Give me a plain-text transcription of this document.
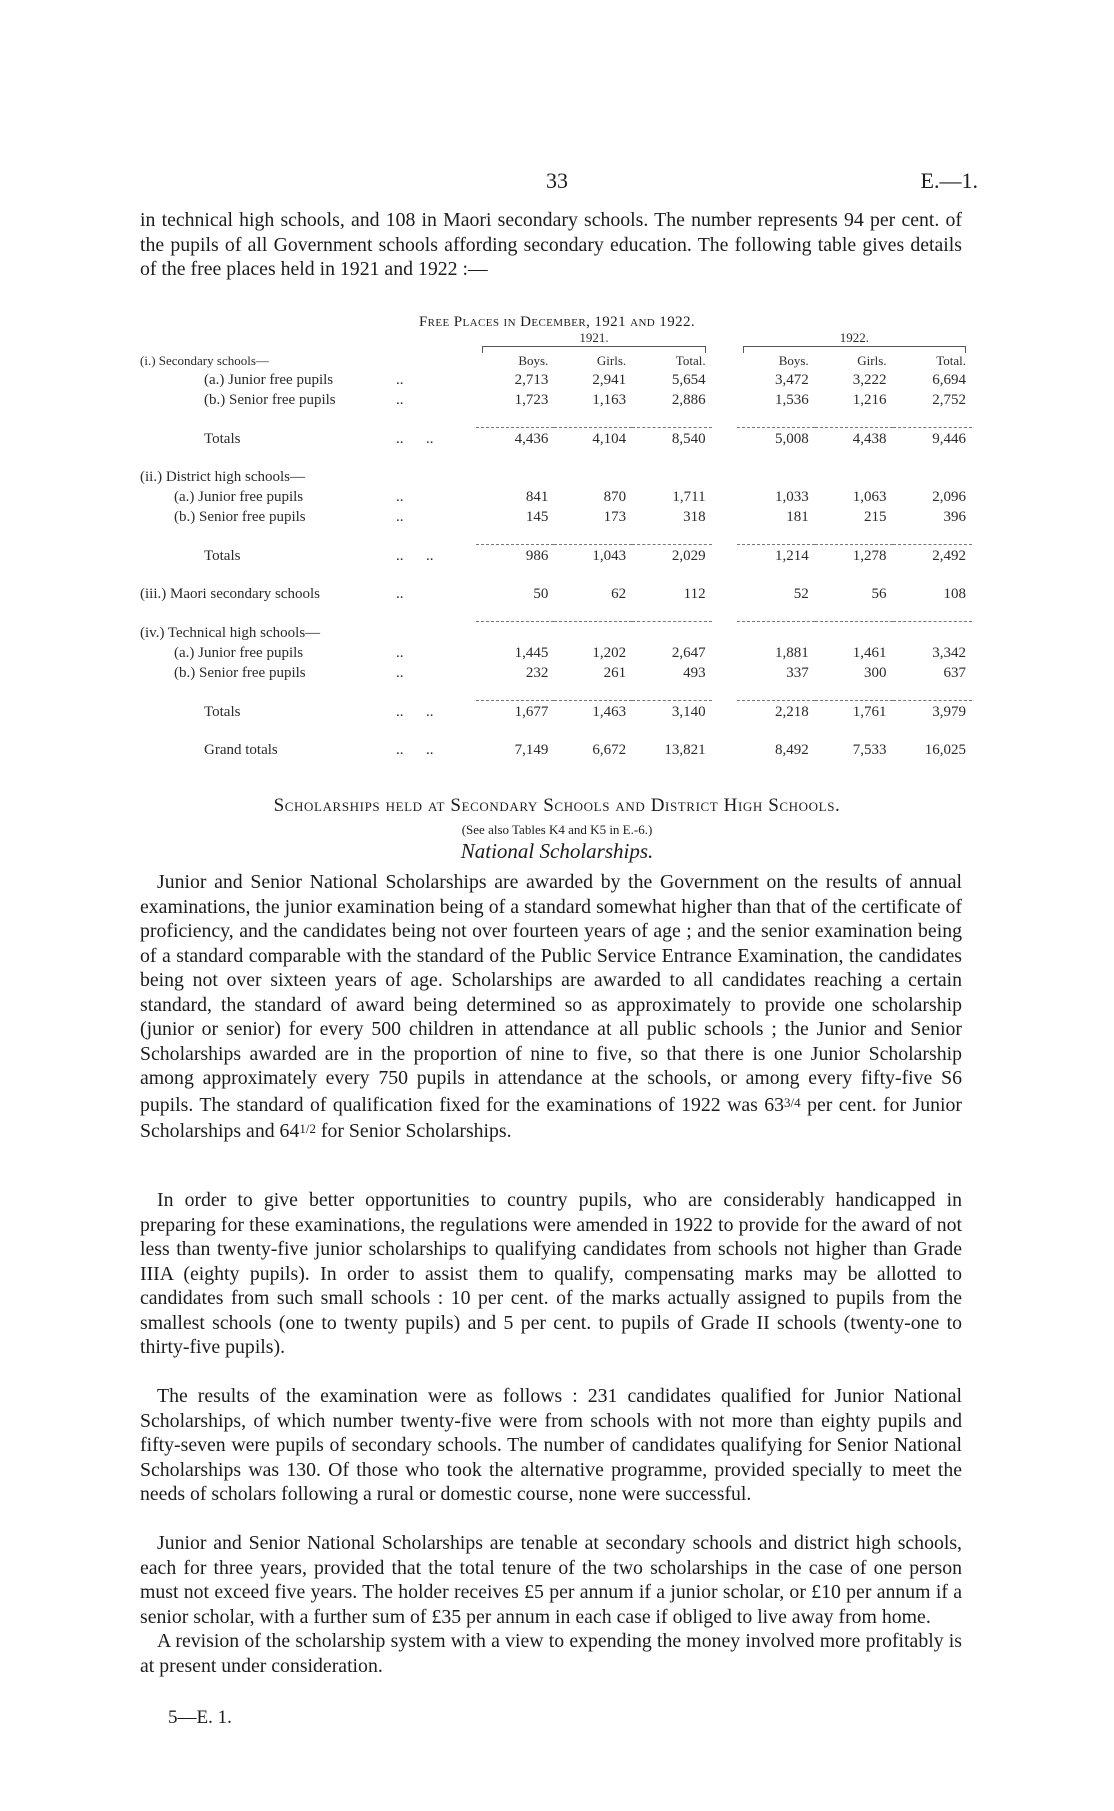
33	E.—1.

in technical high schools, and 108 in Maori secondary schools. The number represents 94 per cent. of the pupils of all Government schools affording secondary education. The following table gives details of the free places held in 1921 and 1922 :—

Free Places in December, 1921 and 1922.
		1921.				1922.		

(i.) Secondary schools—		Boys.	Girls.	Total.		Boys.	Girls.	Total.
(a.) Junior free pupils	..	2,713	2,941	5,654		3,472	3,222	6,694
(b.) Senior free pupils	..	1,723	1,163	2,886		1,536	1,216	2,752

Totals	..      ..	4,436	4,104	8,540		5,008	4,438	9,446

(ii.) District high schools—								
(a.) Junior free pupils	..	841	870	1,711		1,033	1,063	2,096
(b.) Senior free pupils	..	145	173	318		181	215	396

Totals	..      ..	986	1,043	2,029		1,214	1,278	2,492

(iii.) Maori secondary schools	..	50	62	112		52	56	108

(iv.) Technical high schools—								
(a.) Junior free pupils	..	1,445	1,202	2,647		1,881	1,461	3,342
(b.) Senior free pupils	..	232	261	493		337	300	637

Totals	..      ..	1,677	1,463	3,140		2,218	1,761	3,979

Grand totals	..      ..	7,149	6,672	13,821		8,492	7,533	16,025
Scholarships held at Secondary Schools and District High Schools.
(See also Tables K4 and K5 in E.-6.)
National Scholarships.

Junior and Senior National Scholarships are awarded by the Government on the results of annual examinations, the junior examination being of a standard somewhat higher than that of the certificate of proficiency, and the candidates being not over fourteen years of age ; and the senior examination being of a standard comparable with the standard of the Public Service Entrance Examination, the candidates being not over sixteen years of age. Scholarships are awarded to all candidates reaching a certain standard, the standard of award being determined so as approximately to provide one scholarship (junior or senior) for every 500 children in attendance at all public schools ; the Junior and Senior Scholarships awarded are in the proportion of nine to five, so that there is one Junior Scholarship among approximately every 750 pupils in attendance at the schools, or among every fifty-five S6 pupils. The standard of qualification fixed for the examinations of 1922 was $63^{3/4}$ per cent. for Junior Scholarships and $64^{1/2}$ for Senior Scholarships.

In order to give better opportunities to country pupils, who are considerably handicapped in preparing for these examinations, the regulations were amended in 1922 to provide for the award of not less than twenty-five junior scholarships to qualifying candidates from schools not higher than Grade IIIA (eighty pupils). In order to assist them to qualify, compensating marks may be allotted to candidates from such small schools : 10 per cent. of the marks actually assigned to pupils from the smallest schools (one to twenty pupils) and 5 per cent. to pupils of Grade II schools (twenty-one to thirty-five pupils).

The results of the examination were as follows : 231 candidates qualified for Junior National Scholarships, of which number twenty-five were from schools with not more than eighty pupils and fifty-seven were pupils of secondary schools. The number of candidates qualifying for Senior National Scholarships was 130. Of those who took the alternative programme, provided specially to meet the needs of scholars following a rural or domestic course, none were successful.

Junior and Senior National Scholarships are tenable at secondary schools and district high schools, each for three years, provided that the total tenure of the two scholarships in the case of one person must not exceed five years. The holder receives £5 per annum if a junior scholar, or £10 per annum if a senior scholar, with a further sum of £35 per annum in each case if obliged to live away from home.

A revision of the scholarship system with a view to expending the money involved more profitably is at present under consideration.

5—E. 1.
